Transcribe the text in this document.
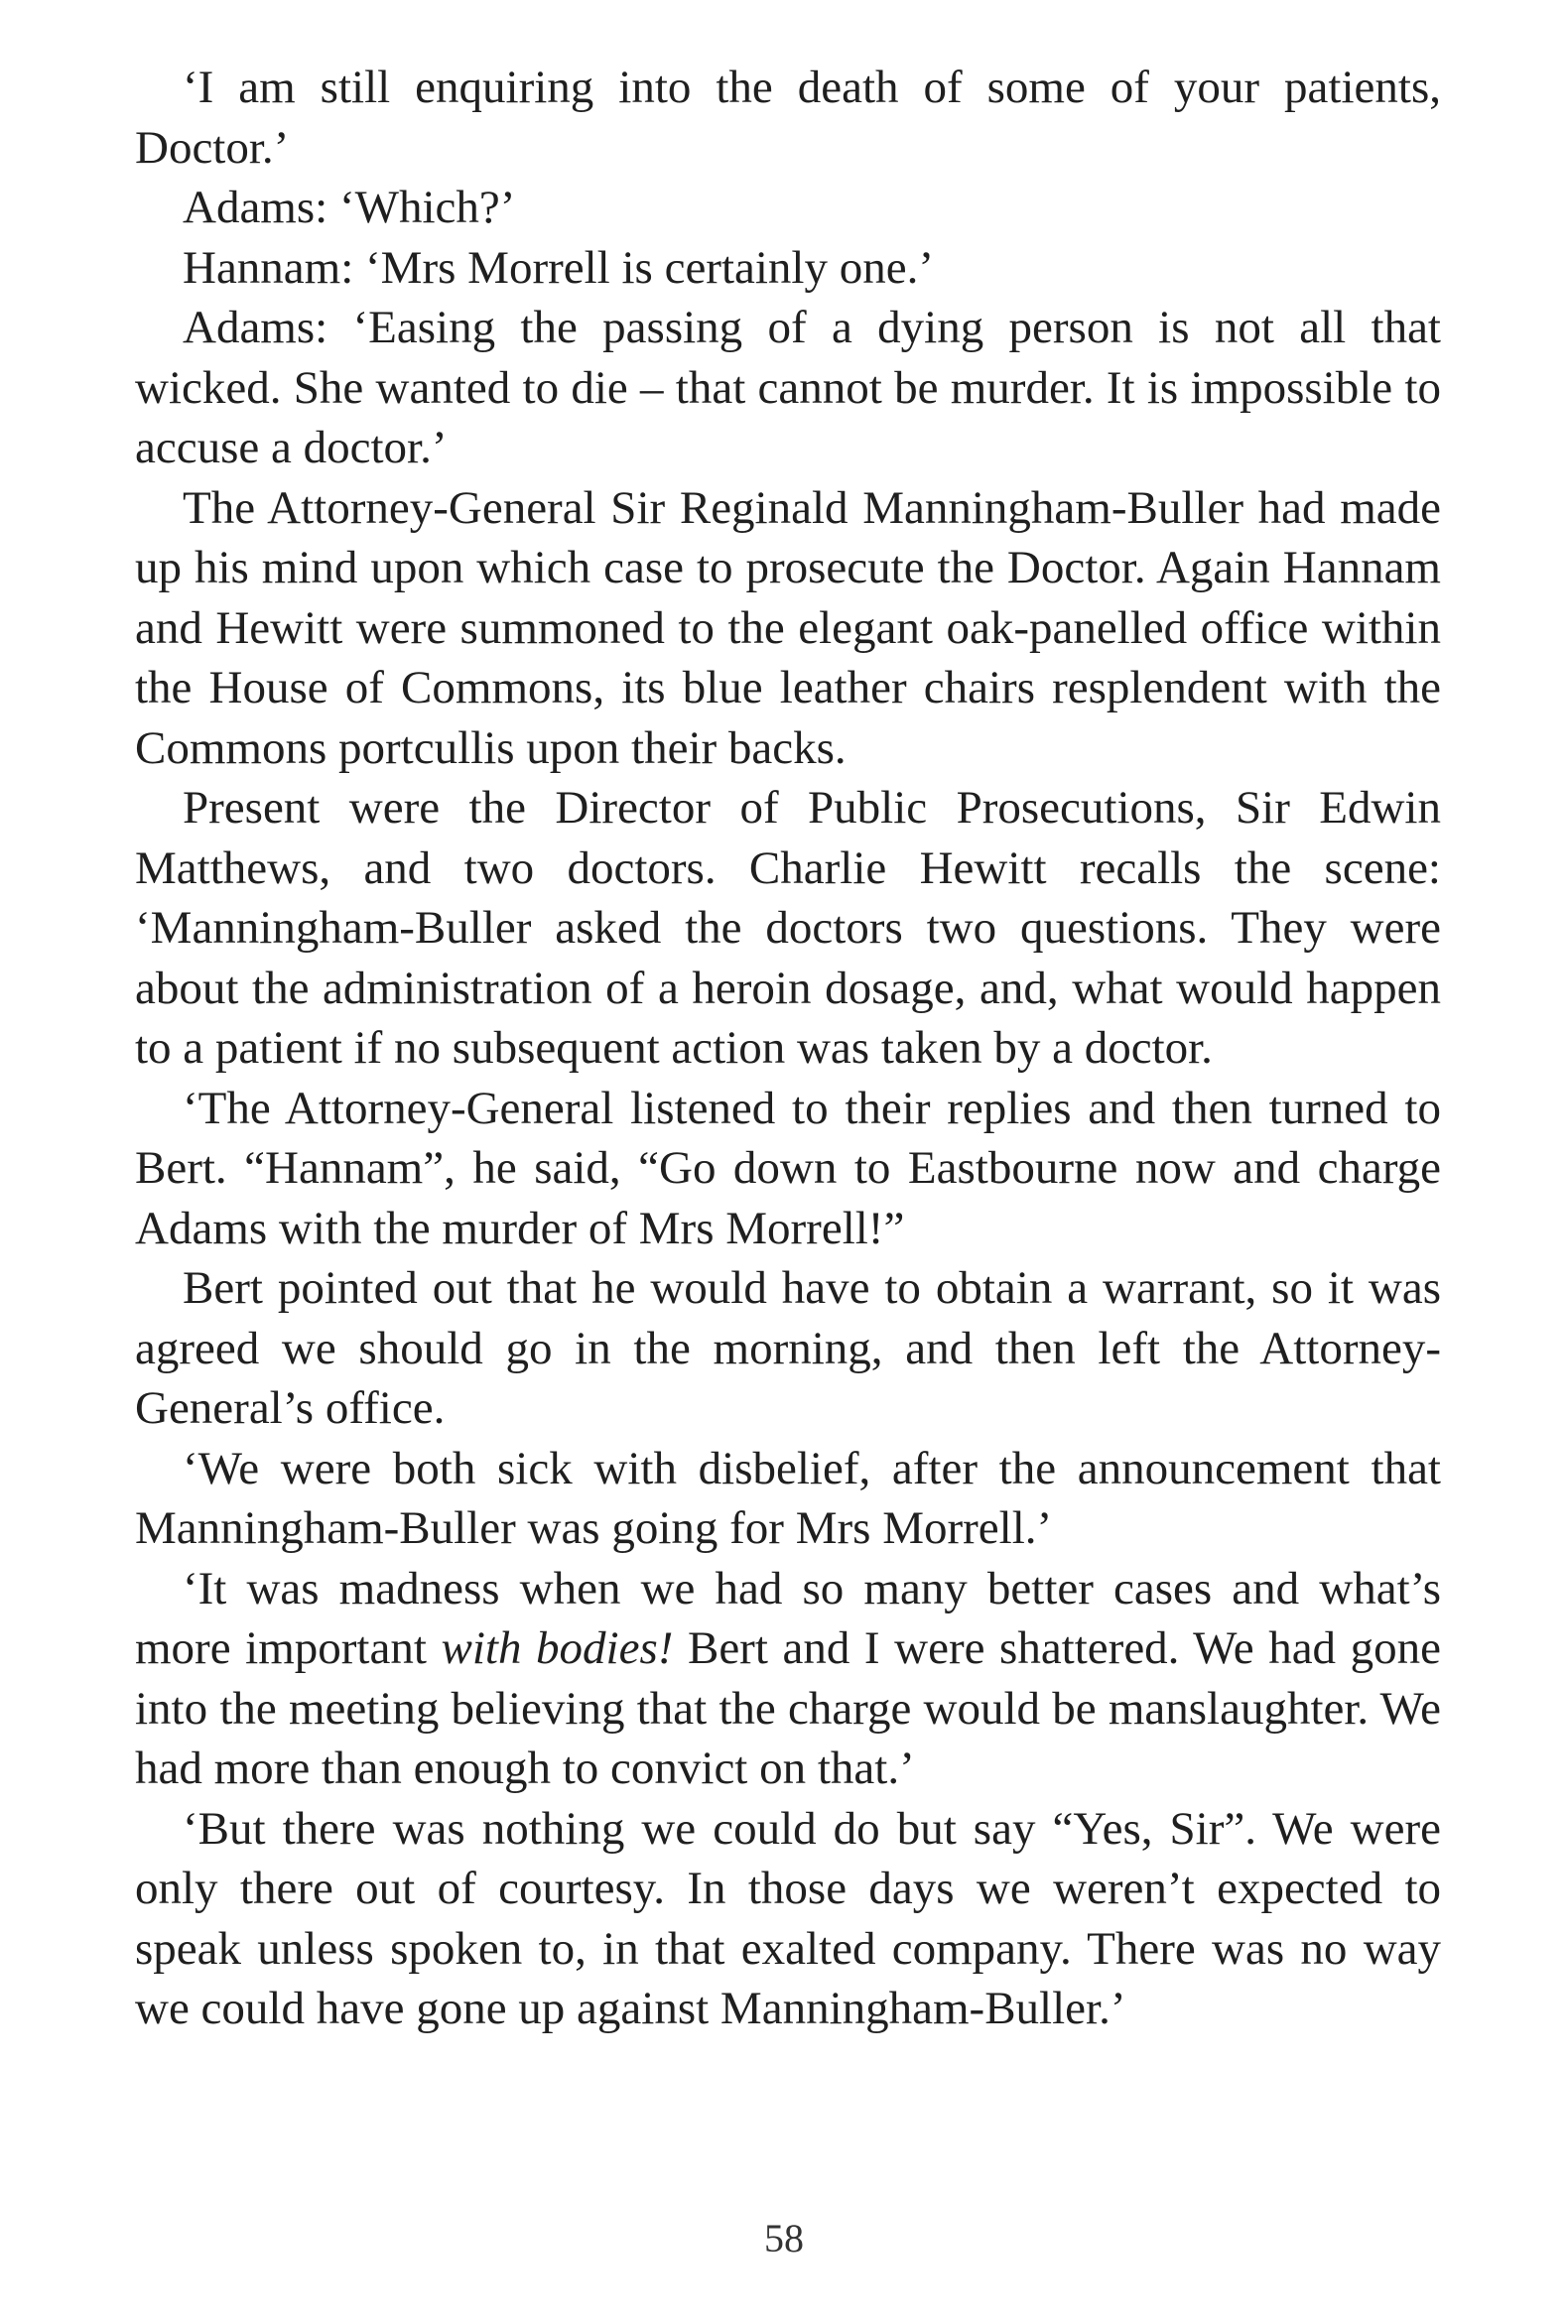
‘I am still enquiring into the death of some of your patients, Doctor.’

Adams: ‘Which?’

Hannam: ‘Mrs Morrell is certainly one.’

Adams: ‘Easing the passing of a dying person is not all that wicked. She wanted to die – that cannot be murder. It is impossible to accuse a doctor.’

The Attorney-General Sir Reginald Manningham-Buller had made up his mind upon which case to prosecute the Doctor. Again Hannam and Hewitt were summoned to the elegant oak-panelled office within the House of Commons, its blue leather chairs resplendent with the Commons portcullis upon their backs.

Present were the Director of Public Prosecutions, Sir Edwin Matthews, and two doctors. Charlie Hewitt recalls the scene: ‘Manningham-Buller asked the doctors two questions. They were about the administration of a heroin dosage, and, what would happen to a patient if no subsequent action was taken by a doctor.

‘The Attorney-General listened to their replies and then turned to Bert. “Hannam”, he said, “Go down to Eastbourne now and charge Adams with the murder of Mrs Morrell!”

Bert pointed out that he would have to obtain a warrant, so it was agreed we should go in the morning, and then left the Attorney-General’s office.

‘We were both sick with disbelief, after the announcement that Manningham-Buller was going for Mrs Morrell.’

‘It was madness when we had so many better cases and what’s more important with bodies! Bert and I were shattered. We had gone into the meeting believing that the charge would be manslaughter. We had more than enough to convict on that.’

‘But there was nothing we could do but say “Yes, Sir”. We were only there out of courtesy. In those days we weren’t expected to speak unless spoken to, in that exalted company. There was no way we could have gone up against Manningham-Buller.’

58
